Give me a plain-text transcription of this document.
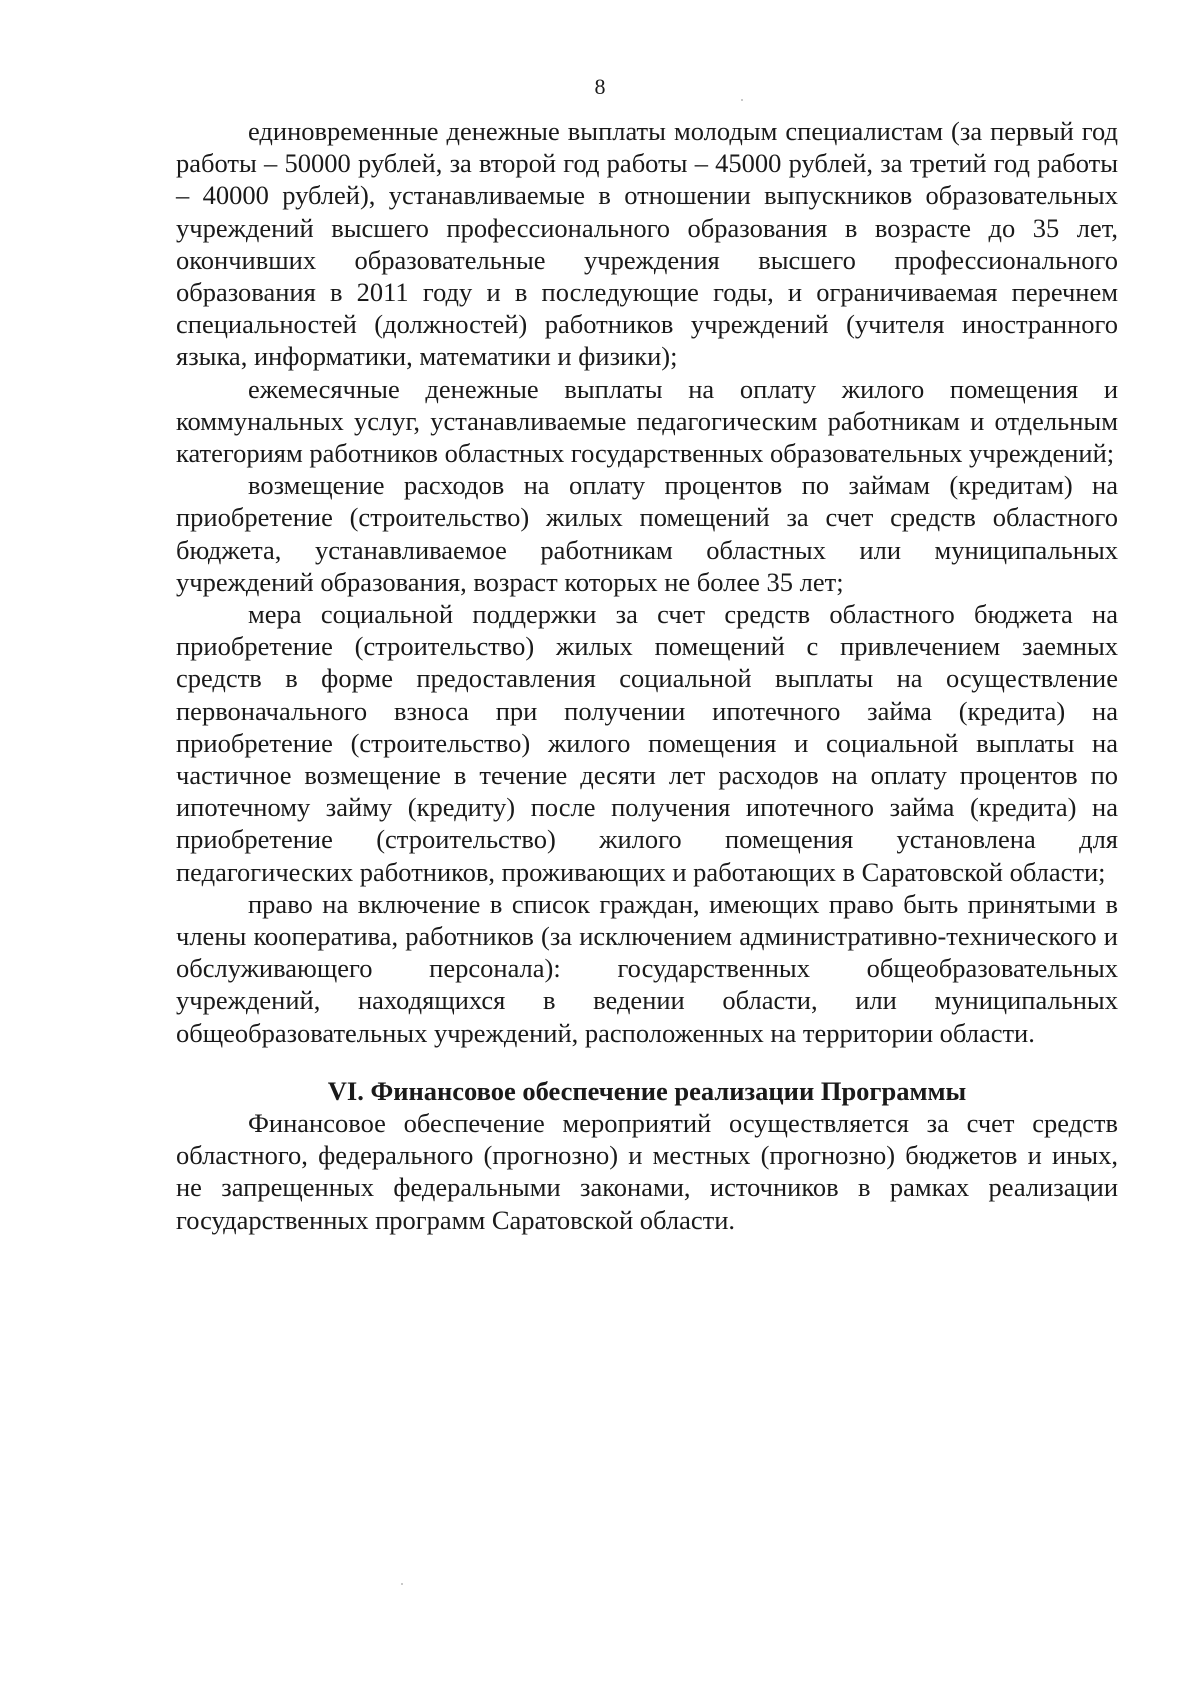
8

единовременные денежные выплаты молодым специалистам (за первый год работы – 50000 рублей, за второй год работы – 45000 рублей, за третий год работы – 40000 рублей), устанавливаемые в отношении выпускников образовательных учреждений высшего профессионального образования в возрасте до 35 лет, окончивших образовательные учреждения высшего профессионального образования в 2011 году и в последующие годы, и ограничиваемая перечнем специальностей (должностей) работников учреждений (учителя иностранного языка, информатики, математики и физики);

ежемесячные денежные выплаты на оплату жилого помещения и коммунальных услуг, устанавливаемые педагогическим работникам и отдельным категориям работников областных государственных образовательных учреждений;

возмещение расходов на оплату процентов по займам (кредитам) на приобретение (строительство) жилых помещений за счет средств областного бюджета, устанавливаемое работникам областных или муниципальных учреждений образования, возраст которых не более 35 лет;

мера социальной поддержки за счет средств областного бюджета на приобретение (строительство) жилых помещений с привлечением заемных средств в форме предоставления социальной выплаты на осуществление первоначального взноса при получении ипотечного займа (кредита) на приобретение (строительство) жилого помещения и социальной выплаты на частичное возмещение в течение десяти лет расходов на оплату процентов по ипотечному займу (кредиту) после получения ипотечного займа (кредита) на приобретение (строительство) жилого помещения установлена для педагогических работников, проживающих и работающих в Саратовской области;

право на включение в список граждан, имеющих право быть принятыми в члены кооператива, работников (за исключением административно-технического и обслуживающего персонала): государственных общеобразовательных учреждений, находящихся в ведении области, или муниципальных общеобразовательных учреждений, расположенных на территории области.

VI. Финансовое обеспечение реализации Программы

Финансовое обеспечение мероприятий осуществляется за счет средств областного, федерального (прогнозно) и местных (прогнозно) бюджетов и иных, не запрещенных федеральными законами, источников в рамках реализации государственных программ Саратовской области.
